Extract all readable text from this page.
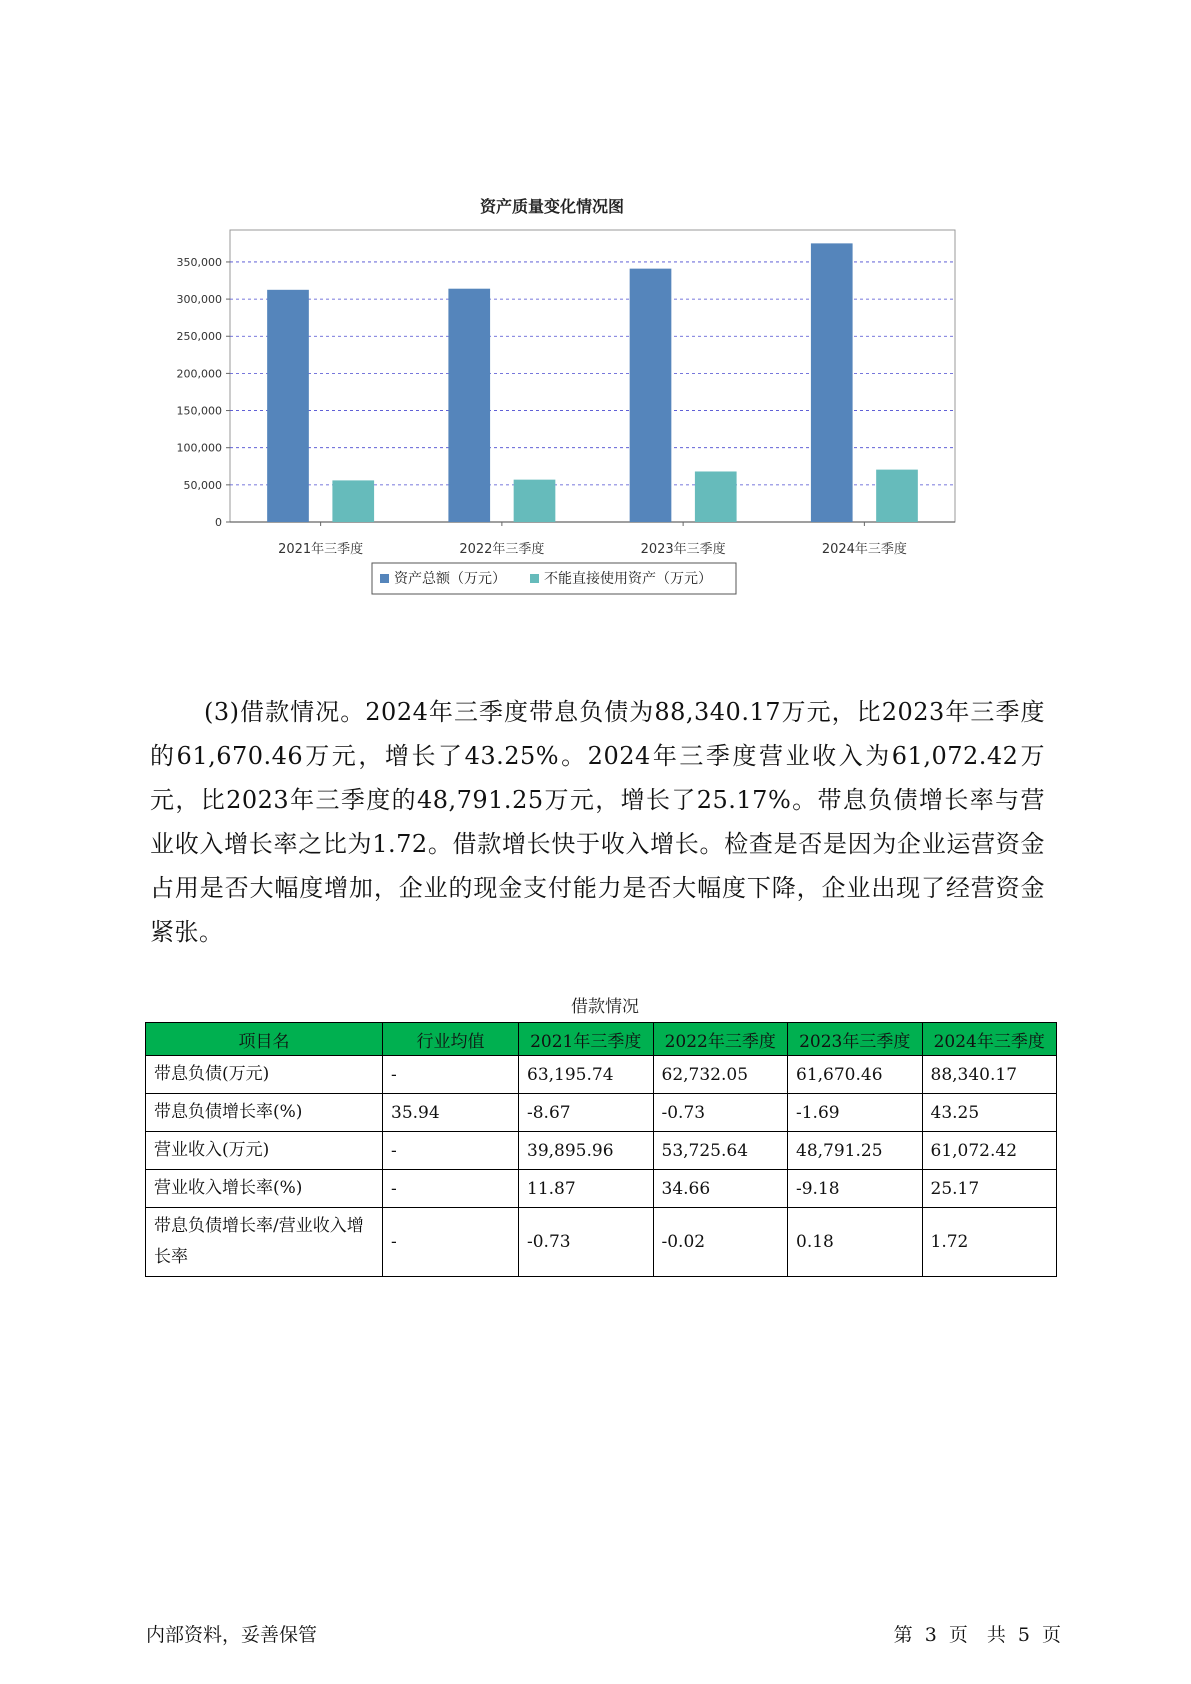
资产质量变化情况图
0
50,000
100,000
150,000
200,000
250,000
300,000
350,000
2021年三季度	2022年三季度	2023年三季度	2024年三季度
资产总额（万元）	不能直接使用资产（万元）

(3)借款情况。2024年三季度带息负债为88,340.17万元，比2023年三季度的61,670.46万元，增长了43.25%。2024年三季度营业收入为61,072.42万元，比2023年三季度的48,791.25万元，增长了25.17%。带息负债增长率与营业收入增长率之比为1.72。借款增长快于收入增长。检查是否是因为企业运营资金占用是否大幅度增加，企业的现金支付能力是否大幅度下降，企业出现了经营资金紧张。

借款情况
项目名	行业均值	2021年三季度	2022年三季度	2023年三季度	2024年三季度
带息负债(万元)	-	63,195.74	62,732.05	61,670.46	88,340.17
带息负债增长率(%)	35.94	-8.67	-0.73	-1.69	43.25
营业收入(万元)	-	39,895.96	53,725.64	48,791.25	61,072.42
营业收入增长率(%)	-	11.87	34.66	-9.18	25.17
带息负债增长率/营业收入增长率	-	-0.73	-0.02	0.18	1.72
内部资料，妥善保管	第 3 页　共 5 页
